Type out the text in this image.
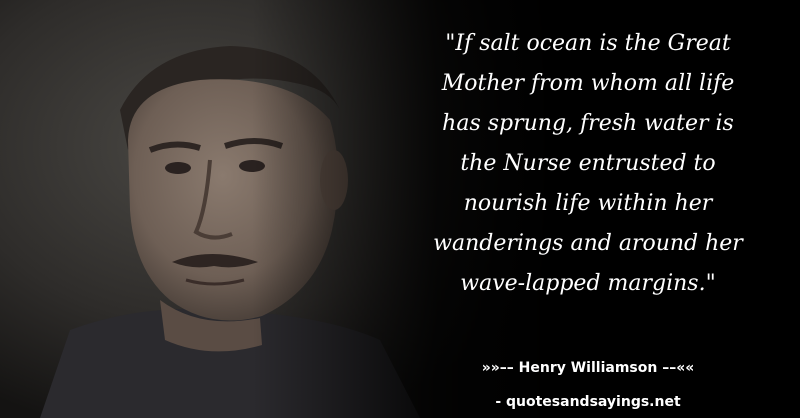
"If salt ocean is the Great
Mother from whom all life
has sprung, fresh water is
the Nurse entrusted to
nourish life within her
wanderings and around her
wave-lapped margins."

»»–– Henry Williamson ––««
- quotesandsayings.net
